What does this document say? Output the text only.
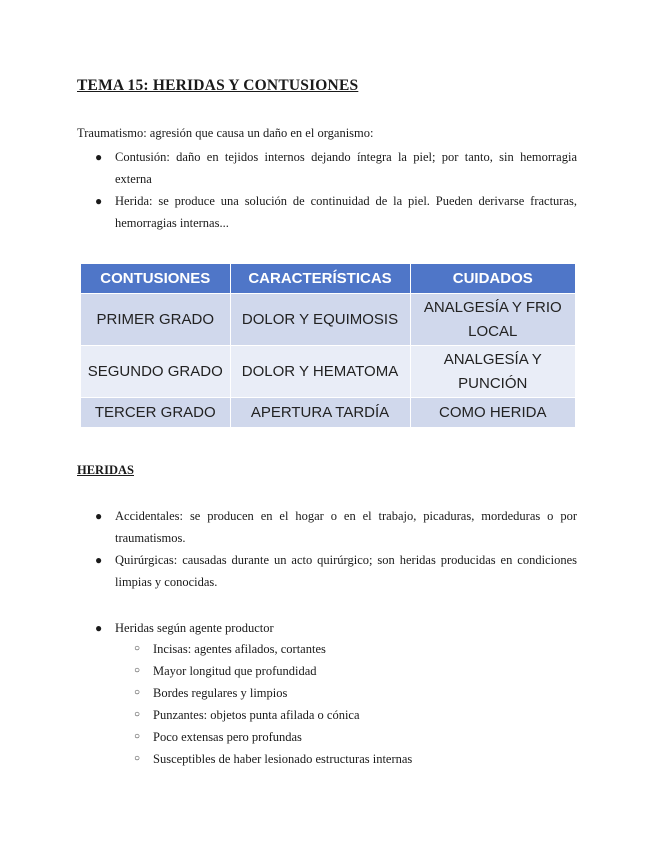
TEMA 15: HERIDAS Y CONTUSIONES
Traumatismo: agresión que causa un daño en el organismo:
● Contusión: daño en tejidos internos dejando íntegra la piel; por tanto, sin hemorragia externa
● Herida: se produce una solución de continuidad de la piel. Pueden derivarse fracturas, hemorragias internas...
CONTUSIONES	CARACTERÍSTICAS	CUIDADOS
PRIMER GRADO	DOLOR Y EQUIMOSIS	ANALGESÍA Y FRIO LOCAL
SEGUNDO GRADO	DOLOR Y HEMATOMA	ANALGESÍA Y PUNCIÓN
TERCER GRADO	APERTURA TARDÍA	COMO HERIDA
HERIDAS
● Accidentales: se producen en el hogar o en el trabajo, picaduras, mordeduras o por traumatismos.
● Quirúrgicas: causadas durante un acto quirúrgico; son heridas producidas en condiciones limpias y conocidas.
● Heridas según agente productor
○ Incisas: agentes afilados, cortantes
○ Mayor longitud que profundidad
○ Bordes regulares y limpios
○ Punzantes: objetos punta afilada o cónica
○ Poco extensas pero profundas
○ Susceptibles de haber lesionado estructuras internas
